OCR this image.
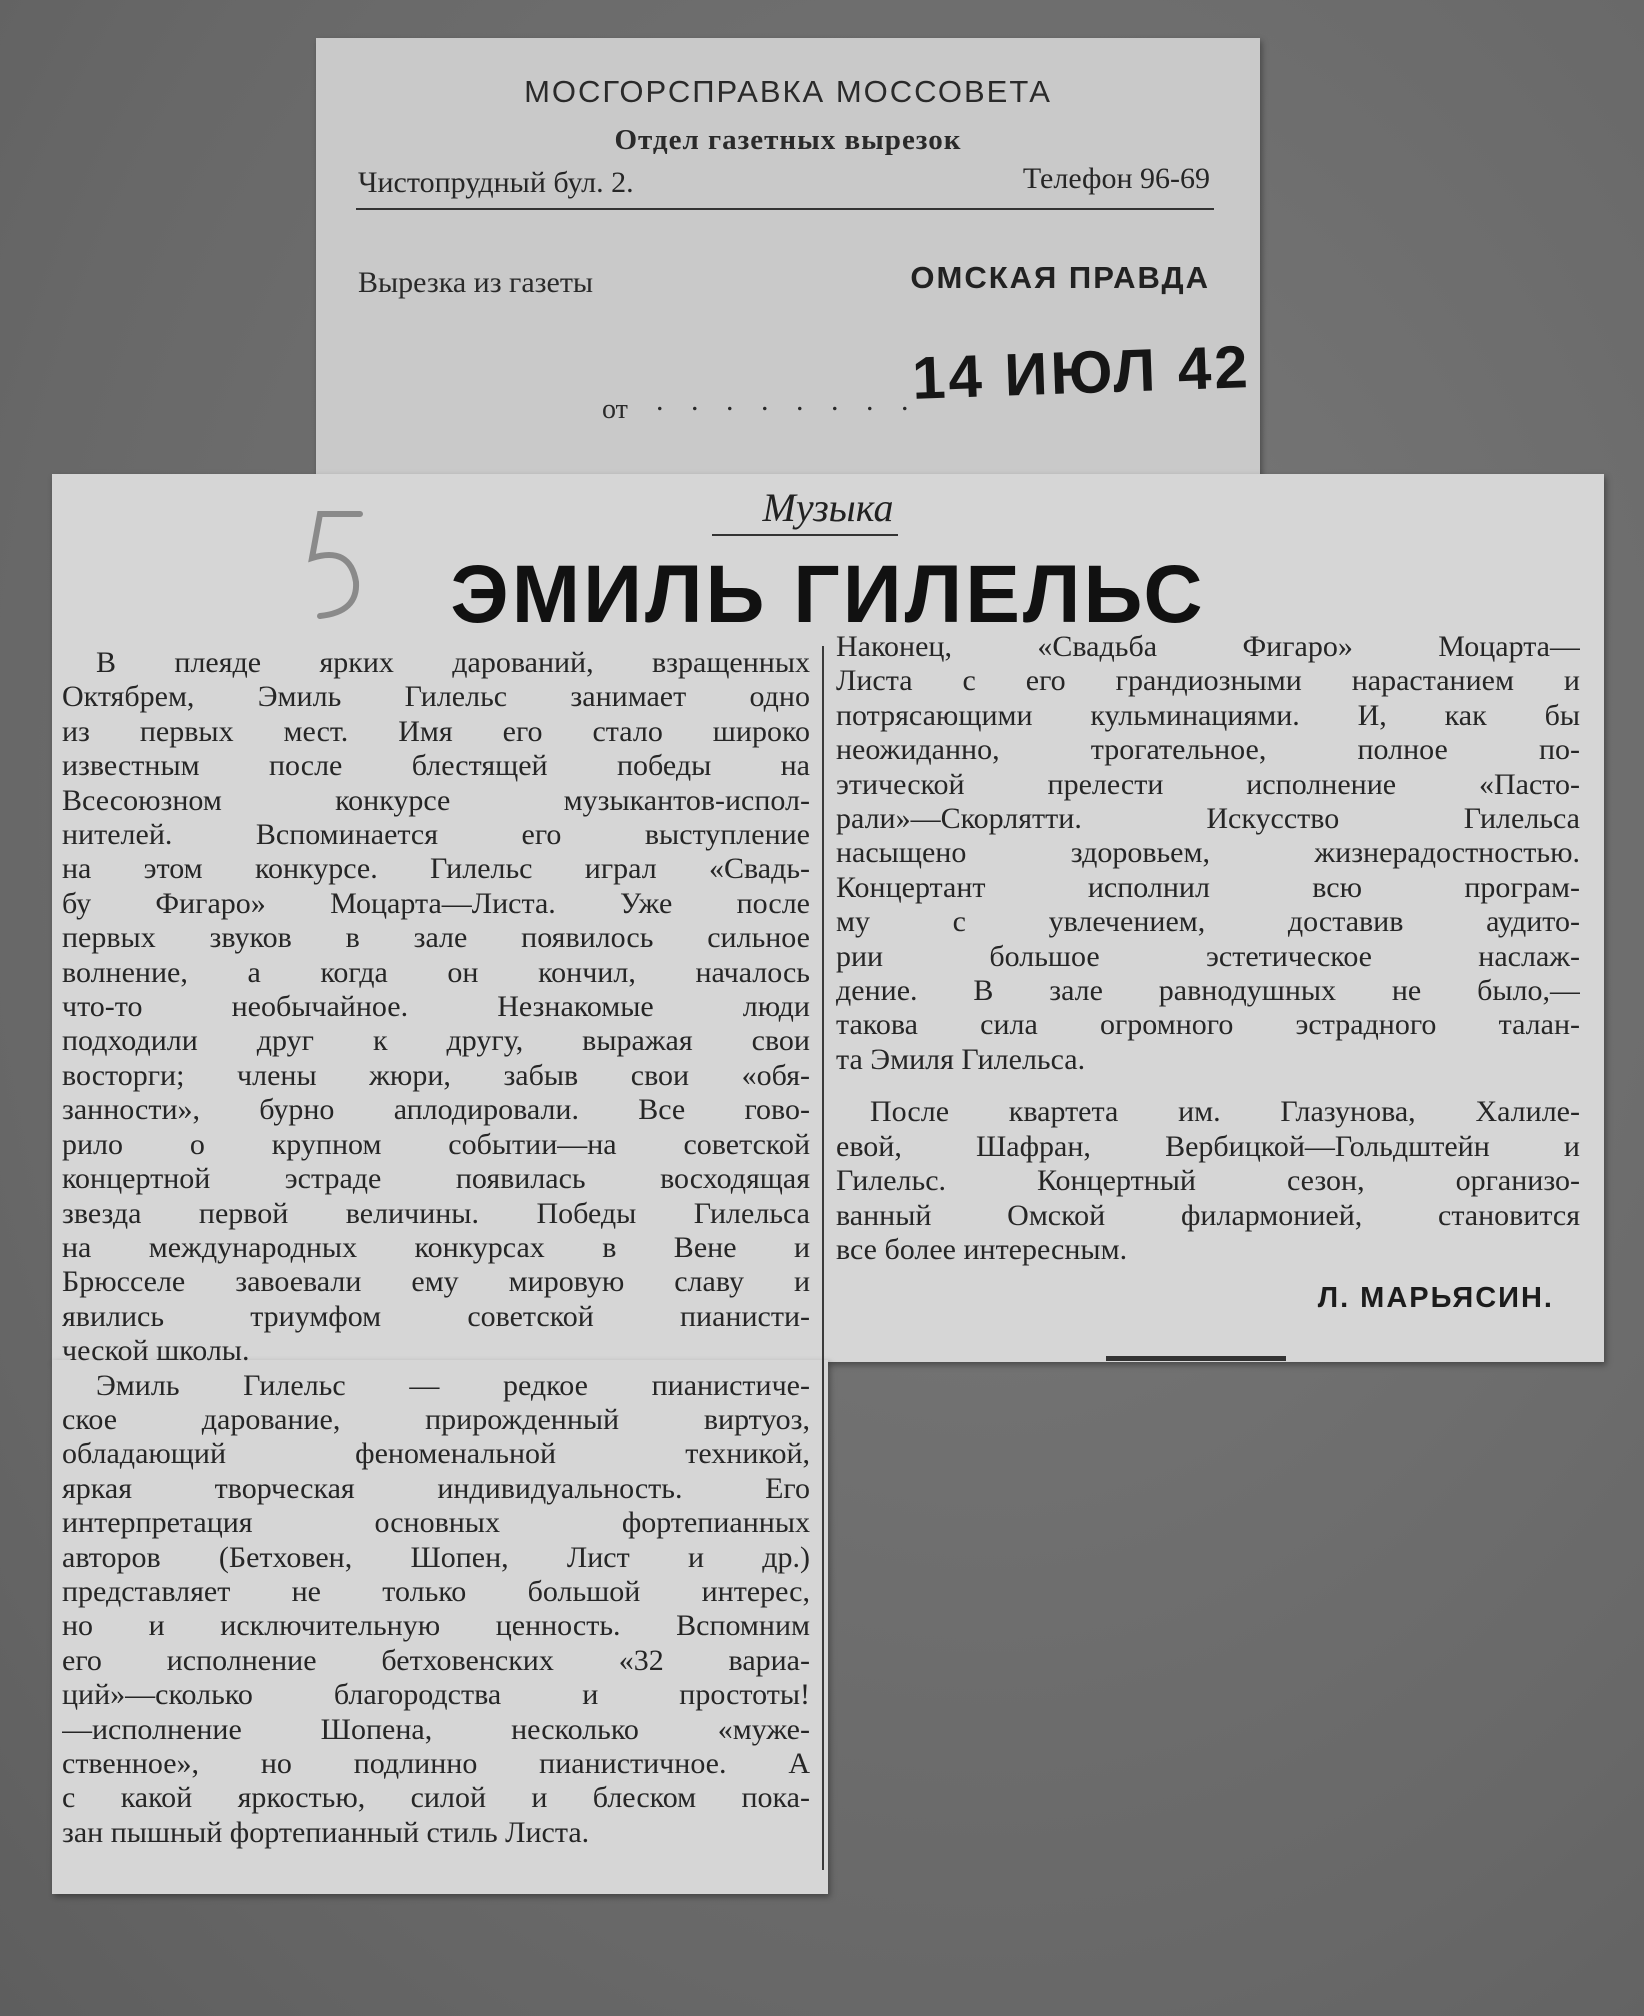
МОСГОРСПРАВКА МОССОВЕТА
Отдел газетных вырезок
Чистопрудный бул. 2.	Телефон 96-69
Вырезка из газеты	ОМСКАЯ ПРАВДА
от . . . . . . . .
14 ИЮЛ 42
Музыка
ЭМИЛЬ ГИЛЕЛЬС
В плеяде ярких дарований, взращенных
Октябрем, Эмиль Гилельс занимает одно
из первых мест. Имя его стало широко
известным после блестящей победы на
Всесоюзном конкурсе музыкантов-испол-
нителей. Вспоминается его выступление
на этом конкурсе. Гилельс играл «Свадь-
бу Фигаро» Моцарта—Листа. Уже после
первых звуков в зале появилось сильное
волнение, а когда он кончил, началось
что-то необычайное. Незнакомые люди
подходили друг к другу, выражая свои
восторги; члены жюри, забыв свои «обя-
занности», бурно аплодировали. Все гово-
рило о крупном событии—на советской
концертной эстраде появилась восходящая
звезда первой величины. Победы Гилельса
на международных конкурсах в Вене и
Брюсселе завоевали ему мировую славу и
явились триумфом советской пианисти-
ческой школы.
Эмиль Гилельс — редкое пианистиче-
ское дарование, прирожденный виртуоз,
обладающий феноменальной техникой,
яркая творческая индивидуальность. Его
интерпретация основных фортепианных
авторов (Бетховен, Шопен, Лист и др.)
представляет не только большой интерес,
но и исключительную ценность. Вспомним
его исполнение бетховенских «32 вариа-
ций»—сколько благородства и простоты!
—исполнение Шопена, несколько «муже-
ственное», но подлинно пианистичное. А
с какой яркостью, силой и блеском пока-
зан пышный фортепианный стиль Листа.
Наконец, «Свадьба Фигаро» Моцарта—
Листа с его грандиозными нарастанием и
потрясающими кульминациями. И, как бы
неожиданно, трогательное, полное по-
этической прелести исполнение «Пасто-
рали»—Скорлятти. Искусство Гилельса
насыщено здоровьем, жизнерадостностью.
Концертант исполнил всю програм-
му с увлечением, доставив аудито-
рии большое эстетическое наслаж-
дение. В зале равнодушных не было,—
такова сила огромного эстрадного талан-
та Эмиля Гилельса.
После квартета им. Глазунова, Халиле-
евой, Шафран, Вербицкой—Гольдштейн и
Гилельс. Концертный сезон, организо-
ванный Омской филармонией, становится
все более интересным.
Л. МАРЬЯСИН.
